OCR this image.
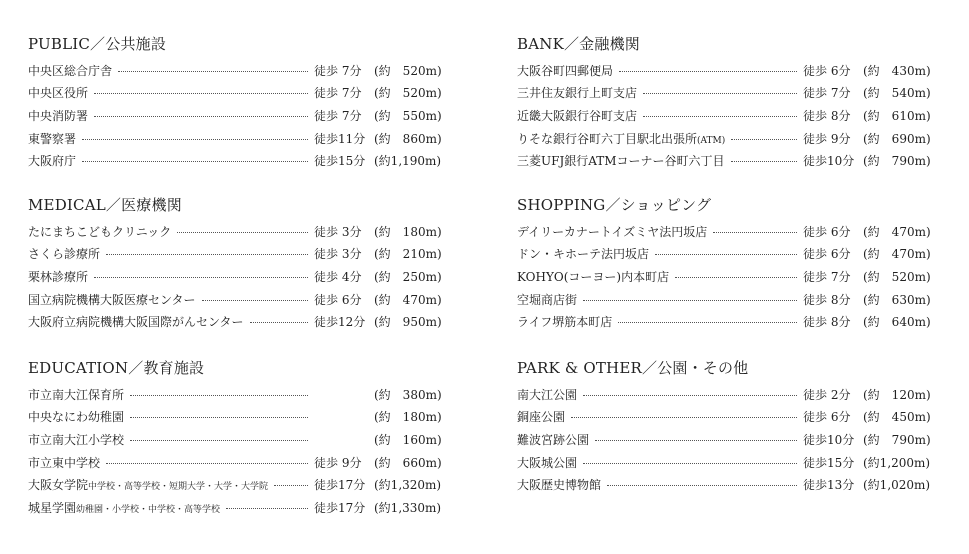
PUBLIC／公共施設
中央区総合庁舎	徒歩 7分	(約　520m)
中央区役所	徒歩 7分	(約　520m)
中央消防署	徒歩 7分	(約　550m)
東警察署	徒歩11分 (約　860m)
大阪府庁	徒歩15分 (約1,190m)
MEDICAL／医療機関
たにまちこどもクリニック	徒歩 3分	(約　180m)
さくら診療所	徒歩 3分	(約　210m)
栗林診療所	徒歩 4分	(約　250m)
国立病院機構大阪医療センター	徒歩 6分	(約　470m)
大阪府立病院機構大阪国際がんセンター	徒歩12分 (約　950m)
EDUCATION／教育施設
市立南大江保育所	(約　380m)
中央なにわ幼稚園	(約　180m)
市立南大江小学校	(約　160m)
市立東中学校	徒歩 9分	(約　660m)
大阪女学院中学校・高等学校・短期大学・大学・大学院	徒歩17分 (約1,320m)
城星学園幼稚園・小学校・中学校・高等学校	徒歩17分 (約1,330m)
BANK／金融機関
大阪谷町四郵便局	徒歩 6分	(約　430m)
三井住友銀行上町支店	徒歩 7分	(約　540m)
近畿大阪銀行谷町支店	徒歩 8分	(約　610m)
りそな銀行谷町六丁目駅北出張所(ATM)	徒歩 9分	(約　690m)
三菱UFJ銀行ATMコーナー谷町六丁目	徒歩10分 (約　790m)
SHOPPING／ショッピング
デイリーカナートイズミヤ法円坂店	徒歩 6分	(約　470m)
ドン・キホーテ法円坂店	徒歩 6分	(約　470m)
KOHYO(コーヨー)内本町店	徒歩 7分	(約　520m)
空堀商店街	徒歩 8分	(約　630m)
ライフ堺筋本町店	徒歩 8分	(約　640m)
PARK & OTHER／公園・その他
南大江公園	徒歩 2分	(約　120m)
銅座公園	徒歩 6分	(約　450m)
難波宮跡公園	徒歩10分 (約　790m)
大阪城公園	徒歩15分 (約1,200m)
大阪歴史博物館	徒歩13分 (約1,020m)
